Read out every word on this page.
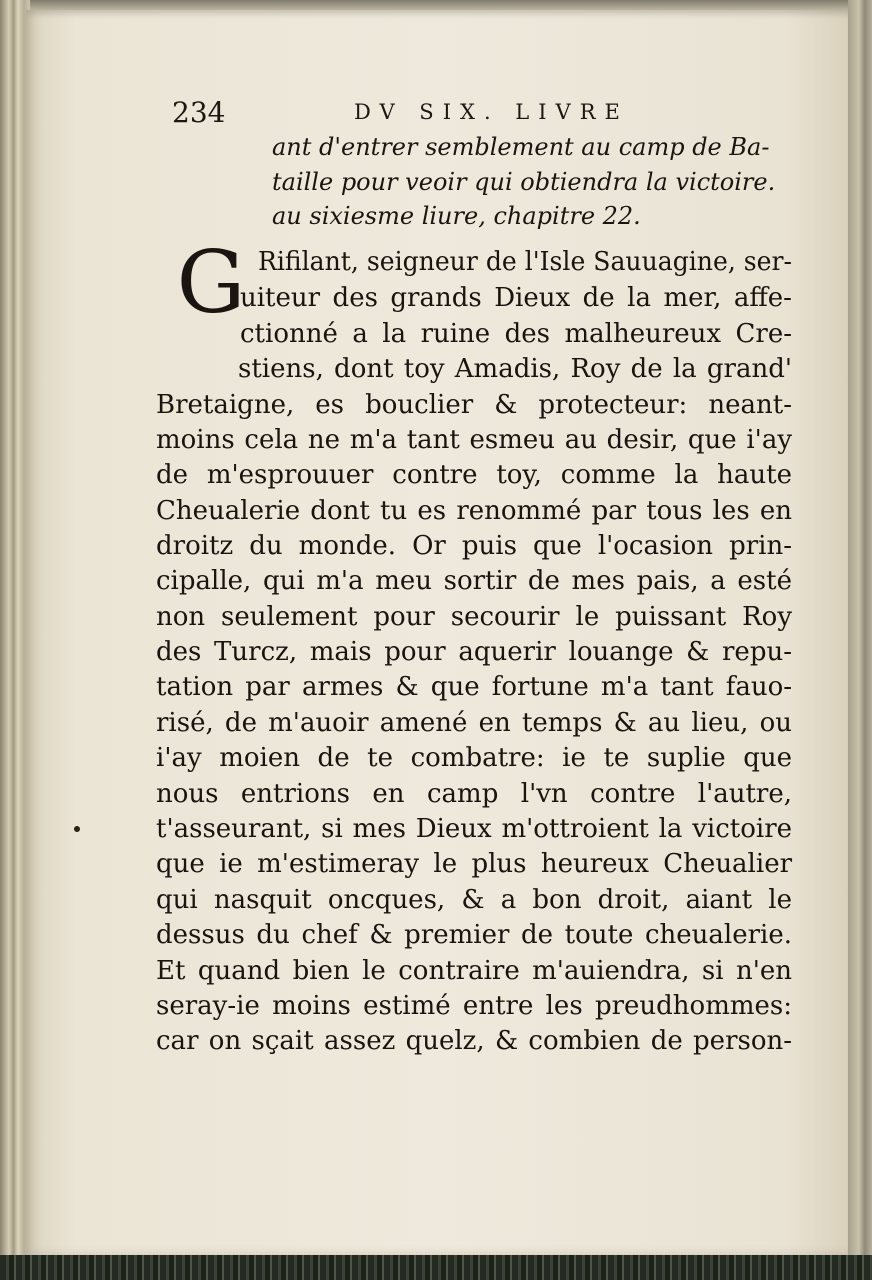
234	DV SIX. LIVRE
ant d'entrer semblement au camp de Ba-
taille pour veoir qui obtiendra la victoire.
au sixiesme liure, chapitre 22.
G Rifilant, seigneur de l'Isle Sauuagine, ser-
uiteur des grands Dieux de la mer, affe-
ctionné a la ruine des malheureux Cre-
stiens, dont toy Amadis, Roy de la grand'
Bretaigne, es bouclier & protecteur: neant-
moins cela ne m'a tant esmeu au desir, que i'ay
de m'esprouuer contre toy, comme la haute
Cheualerie dont tu es renommé par tous les en
droitz du monde. Or puis que l'ocasion prin-
cipalle, qui m'a meu sortir de mes pais, a esté
non seulement pour secourir le puissant Roy
des Turcz, mais pour aquerir louange & repu-
tation par armes & que fortune m'a tant fauo-
risé, de m'auoir amené en temps & au lieu, ou
i'ay moien de te combatre: ie te suplie que
nous entrions en camp l'vn contre l'autre,
t'asseurant, si mes Dieux m'ottroient la victoire
que ie m'estimeray le plus heureux Cheualier
qui nasquit oncques, & a bon droit, aiant le
dessus du chef & premier de toute cheualerie.
Et quand bien le contraire m'auiendra, si n'en
seray-ie moins estimé entre les preudhommes:
car on sçait assez quelz, & combien de person-
